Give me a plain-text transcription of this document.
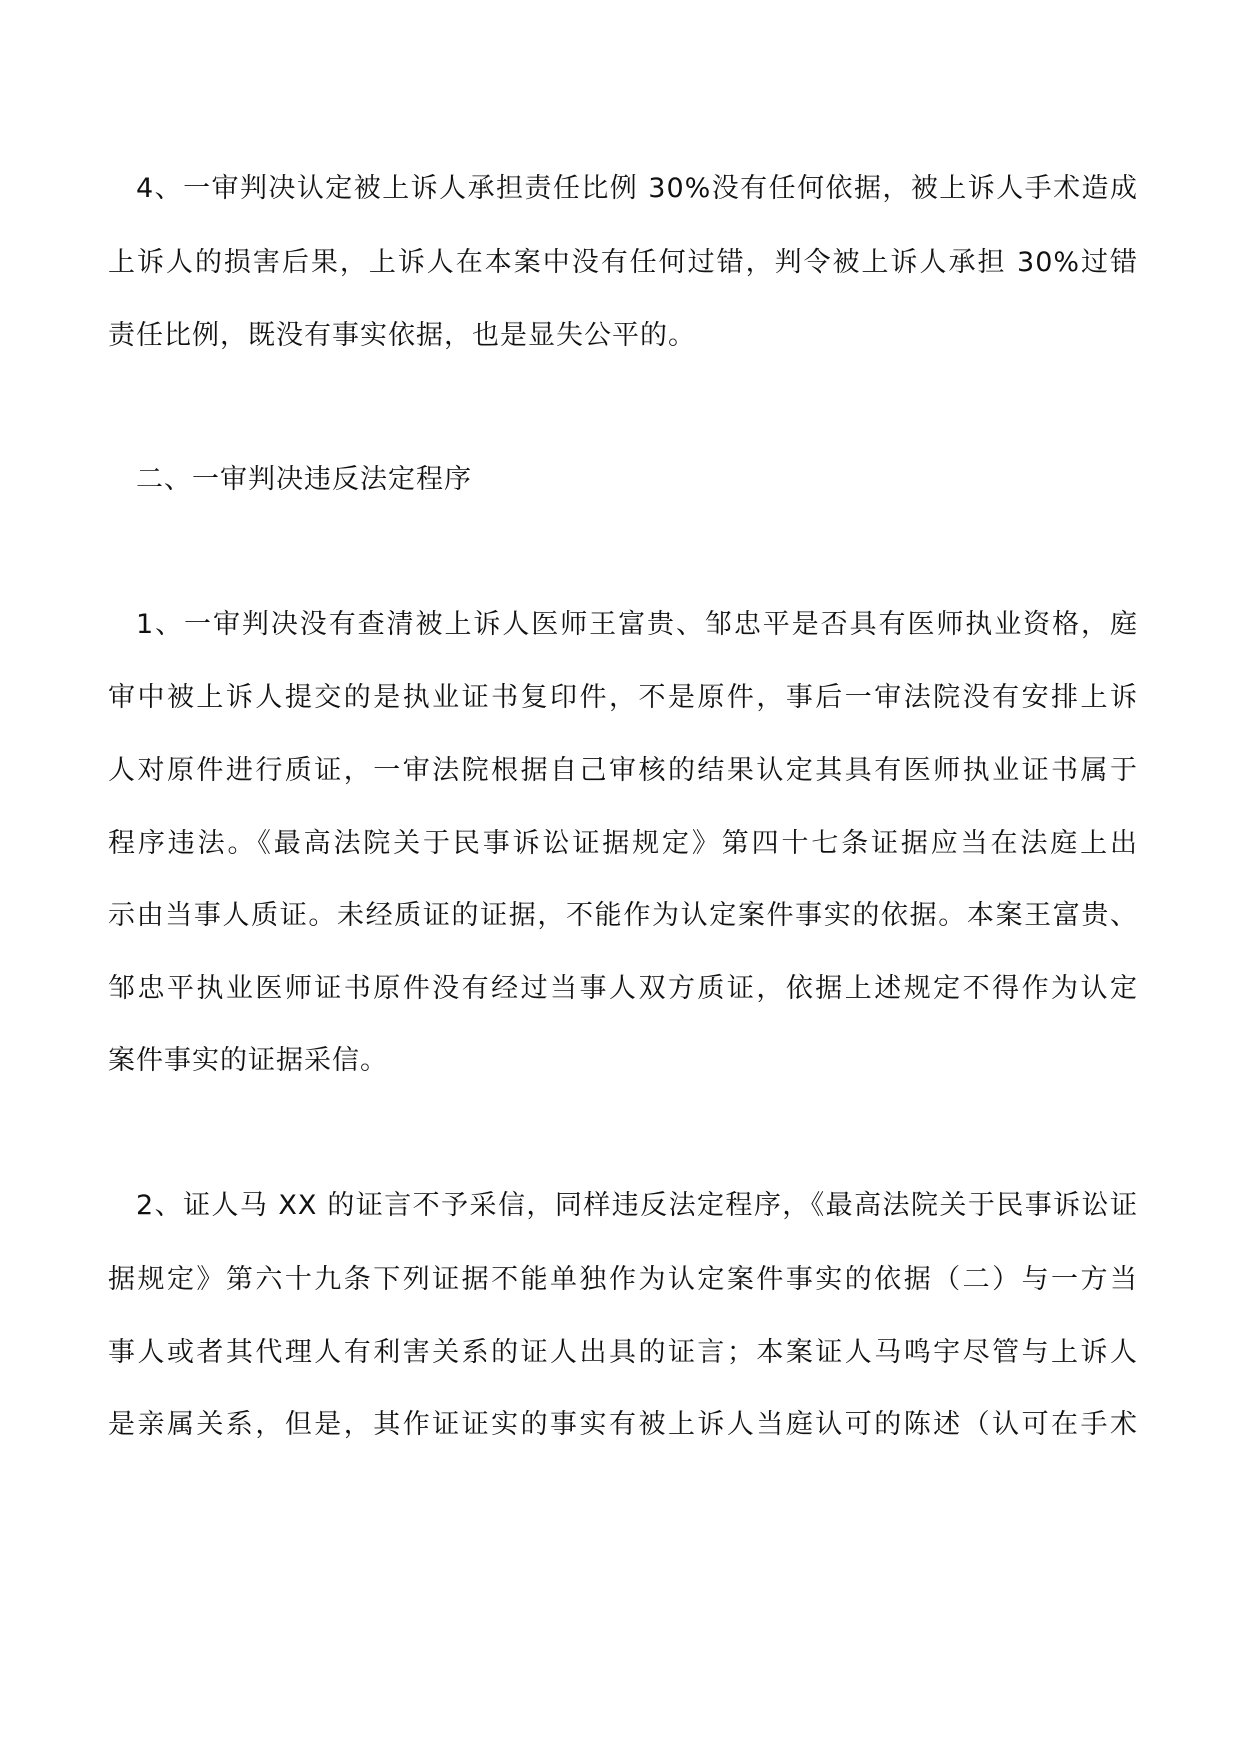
4、一审判决认定被上诉人承担责任比例 30%没有任何依据，被上诉人手术造成
上诉人的损害后果，上诉人在本案中没有任何过错，判令被上诉人承担 30%过错
责任比例，既没有事实依据，也是显失公平的。
二、一审判决违反法定程序
1、一审判决没有查清被上诉人医师王富贵、邹忠平是否具有医师执业资格，庭
审中被上诉人提交的是执业证书复印件，不是原件，事后一审法院没有安排上诉
人对原件进行质证，一审法院根据自己审核的结果认定其具有医师执业证书属于
程序违法。《最高法院关于民事诉讼证据规定》第四十七条证据应当在法庭上出
示由当事人质证。未经质证的证据，不能作为认定案件事实的依据。本案王富贵、
邹忠平执业医师证书原件没有经过当事人双方质证，依据上述规定不得作为认定
案件事实的证据采信。
2、证人马 XX 的证言不予采信，同样违反法定程序，《最高法院关于民事诉讼证
据规定》第六十九条下列证据不能单独作为认定案件事实的依据（二）与一方当
事人或者其代理人有利害关系的证人出具的证言；本案证人马鸣宇尽管与上诉人
是亲属关系，但是，其作证证实的事实有被上诉人当庭认可的陈述（认可在手术
